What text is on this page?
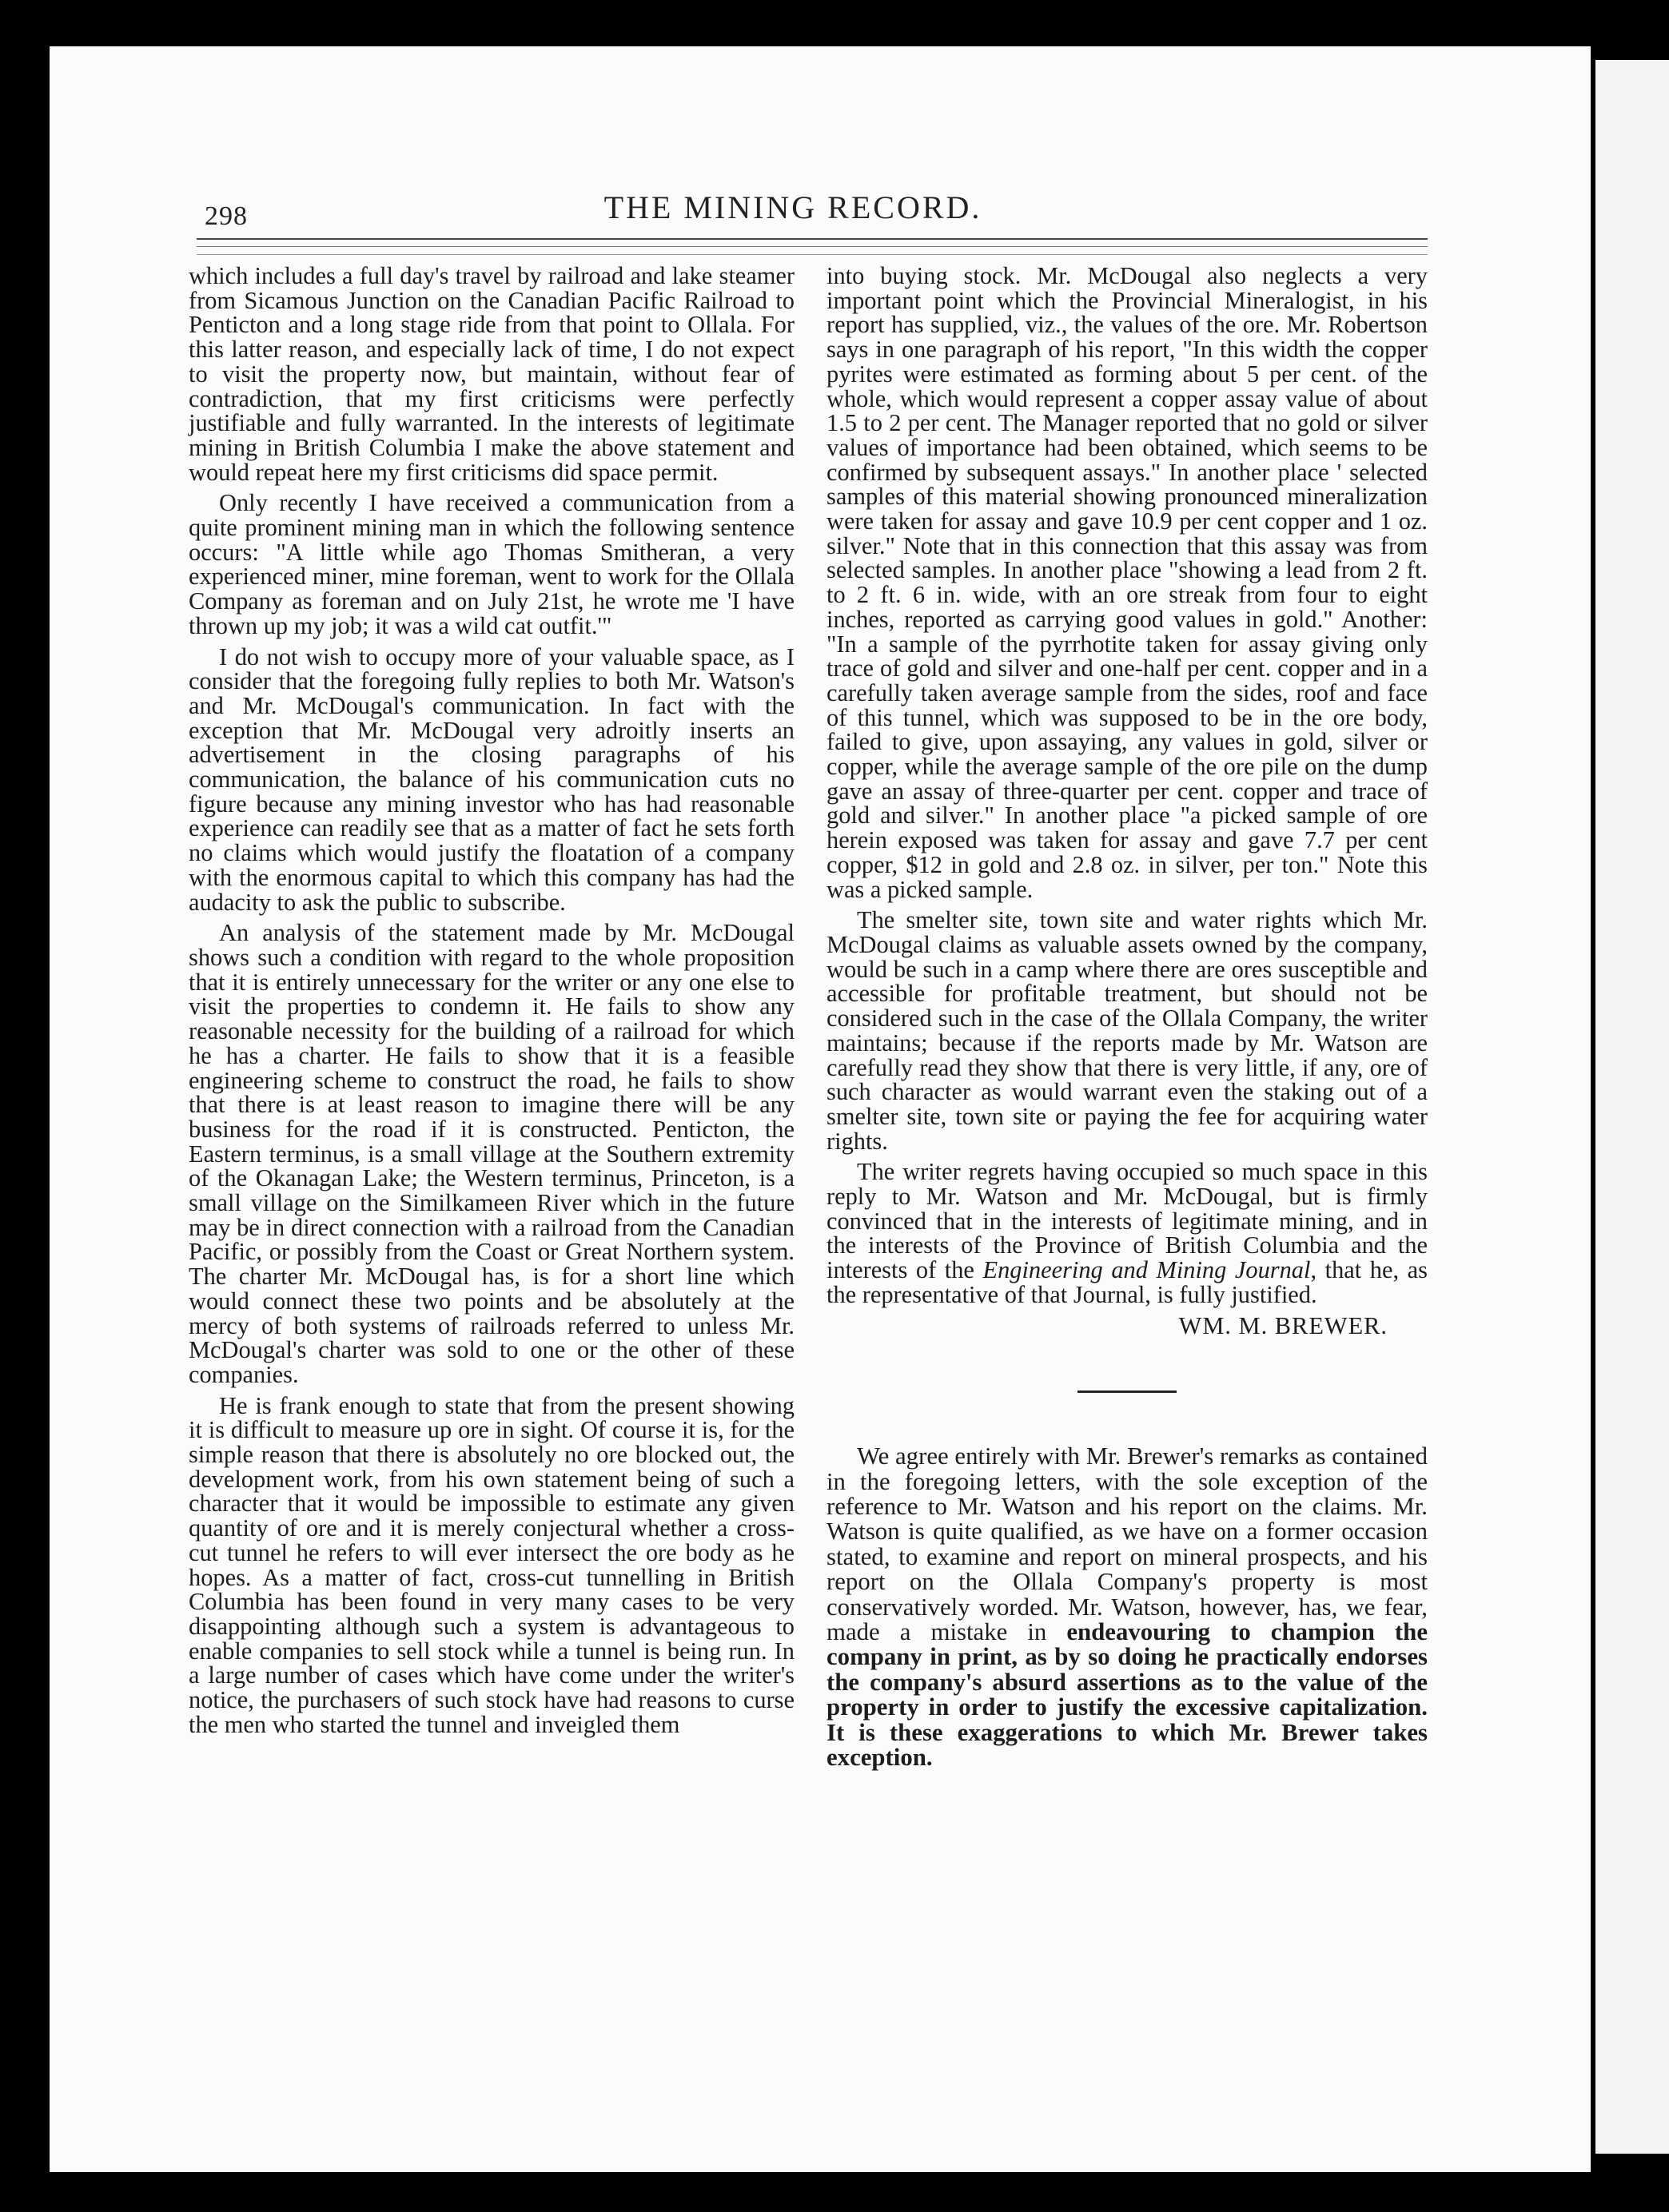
298	THE MINING RECORD.

which includes a full day's travel by railroad and lake steamer from Sicamous Junction on the Canadian Pacific Railroad to Penticton and a long stage ride from that point to Ollala. For this latter reason, and especially lack of time, I do not expect to visit the property now, but maintain, without fear of contradiction, that my first criticisms were perfectly justifiable and fully warranted. In the interests of legitimate mining in British Columbia I make the above statement and would repeat here my first criticisms did space permit.

Only recently I have received a communication from a quite prominent mining man in which the following sentence occurs: "A little while ago Thomas Smitheran, a very experienced miner, mine foreman, went to work for the Ollala Company as foreman and on July 21st, he wrote me 'I have thrown up my job; it was a wild cat outfit.'"

I do not wish to occupy more of your valuable space, as I consider that the foregoing fully replies to both Mr. Watson's and Mr. McDougal's communication. In fact with the exception that Mr. McDougal very adroitly inserts an advertisement in the closing paragraphs of his communication, the balance of his communication cuts no figure because any mining investor who has had reasonable experience can readily see that as a matter of fact he sets forth no claims which would justify the floatation of a company with the enormous capital to which this company has had the audacity to ask the public to subscribe.

An analysis of the statement made by Mr. McDougal shows such a condition with regard to the whole proposition that it is entirely unnecessary for the writer or any one else to visit the properties to condemn it. He fails to show any reasonable necessity for the building of a railroad for which he has a charter. He fails to show that it is a feasible engineering scheme to construct the road, he fails to show that there is at least reason to imagine there will be any business for the road if it is constructed. Penticton, the Eastern terminus, is a small village at the Southern extremity of the Okanagan Lake; the Western terminus, Princeton, is a small village on the Similkameen River which in the future may be in direct connection with a railroad from the Canadian Pacific, or possibly from the Coast or Great Northern system. The charter Mr. McDougal has, is for a short line which would connect these two points and be absolutely at the mercy of both systems of railroads referred to unless Mr. McDougal's charter was sold to one or the other of these companies.

He is frank enough to state that from the present showing it is difficult to measure up ore in sight. Of course it is, for the simple reason that there is absolutely no ore blocked out, the development work, from his own statement being of such a character that it would be impossible to estimate any given quantity of ore and it is merely conjectural whether a cross-cut tunnel he refers to will ever intersect the ore body as he hopes. As a matter of fact, cross-cut tunnelling in British Columbia has been found in very many cases to be very disappointing although such a system is advantageous to enable companies to sell stock while a tunnel is being run. In a large number of cases which have come under the writer's notice, the purchasers of such stock have had reasons to curse the men who started the tunnel and inveigled them

into buying stock. Mr. McDougal also neglects a very important point which the Provincial Mineralogist, in his report has supplied, viz., the values of the ore. Mr. Robertson says in one paragraph of his report, "In this width the copper pyrites were estimated as forming about 5 per cent. of the whole, which would represent a copper assay value of about 1.5 to 2 per cent. The Manager reported that no gold or silver values of importance had been obtained, which seems to be confirmed by subsequent assays." In another place ' selected samples of this material showing pronounced mineralization were taken for assay and gave 10.9 per cent copper and 1 oz. silver." Note that in this connection that this assay was from selected samples. In another place "showing a lead from 2 ft. to 2 ft. 6 in. wide, with an ore streak from four to eight inches, reported as carrying good values in gold." Another: "In a sample of the pyrrhotite taken for assay giving only trace of gold and silver and one-half per cent. copper and in a carefully taken average sample from the sides, roof and face of this tunnel, which was supposed to be in the ore body, failed to give, upon assaying, any values in gold, silver or copper, while the average sample of the ore pile on the dump gave an assay of three-quarter per cent. copper and trace of gold and silver." In another place "a picked sample of ore herein exposed was taken for assay and gave 7.7 per cent copper, $12 in gold and 2.8 oz. in silver, per ton." Note this was a picked sample.

The smelter site, town site and water rights which Mr. McDougal claims as valuable assets owned by the company, would be such in a camp where there are ores susceptible and accessible for profitable treatment, but should not be considered such in the case of the Ollala Company, the writer maintains; because if the reports made by Mr. Watson are carefully read they show that there is very little, if any, ore of such character as would warrant even the staking out of a smelter site, town site or paying the fee for acquiring water rights.

The writer regrets having occupied so much space in this reply to Mr. Watson and Mr. McDougal, but is firmly convinced that in the interests of legitimate mining, and in the interests of the Province of British Columbia and the interests of the Engineering and Mining Journal, that he, as the representative of that Journal, is fully justified.

WM. M. BREWER.

We agree entirely with Mr. Brewer's remarks as contained in the foregoing letters, with the sole exception of the reference to Mr. Watson and his report on the claims. Mr. Watson is quite qualified, as we have on a former occasion stated, to examine and report on mineral prospects, and his report on the Ollala Company's property is most conservatively worded. Mr. Watson, however, has, we fear, made a mistake in endeavouring to champion the company in print, as by so doing he practically endorses the company's absurd assertions as to the value of the property in order to justify the excessive capitalization. It is these exaggerations to which Mr. Brewer takes exception.
